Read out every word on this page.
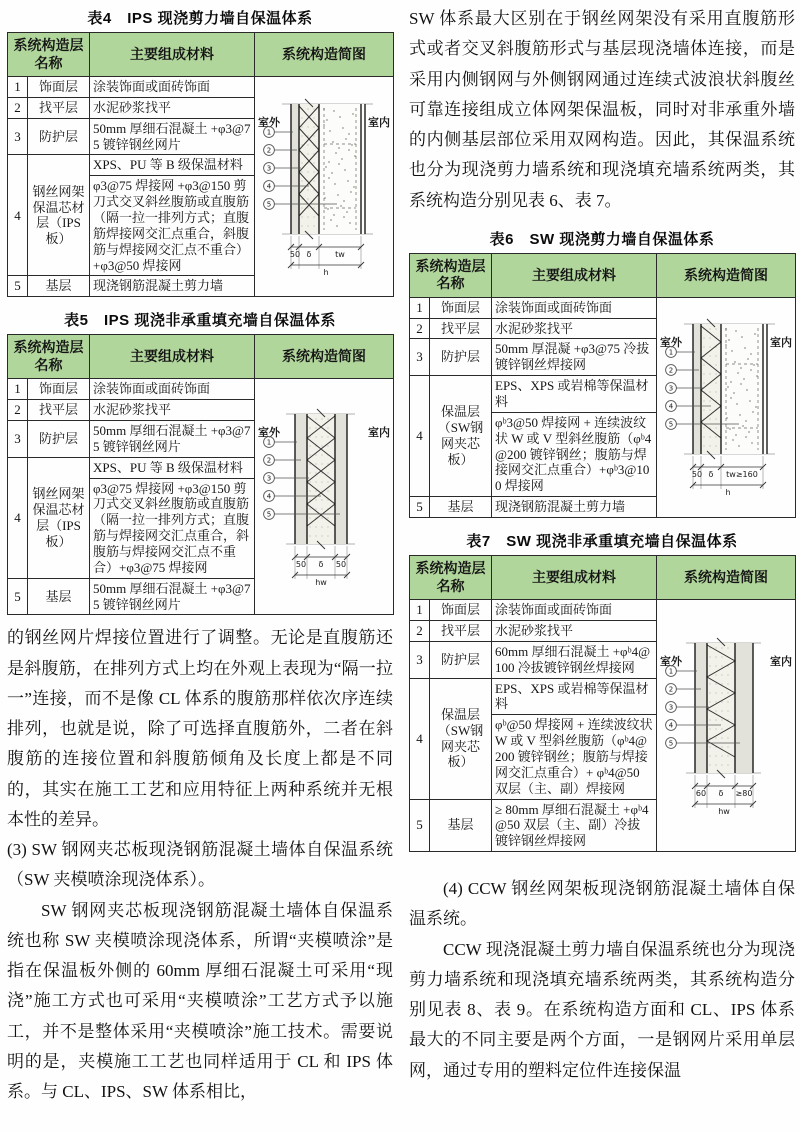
表4　IPS 现浇剪力墙自保温体系
系统构造层名称		主要组成材料	系统构造简图
1	饰面层	涂装饰面或面砖饰面

室外	室内
1
2
3
4
5
50 δ	tw
h

2	找平层	水泥砂浆找平	

3	防护层	50mm 厚细石混凝土 +φ3@75 镀锌钢丝网片	

4	钢丝网架保温芯材层（IPS板）	XPS、PU 等 B 级保温材料
φ3@75 焊接网 +φ3@150 剪刀式交叉斜丝腹筋或直腹筋（隔一拉一排列方式；直腹筋焊接网交汇点重合，斜腹筋与焊接网交汇点不重合）+φ3@50 焊接网	

5	基层	现浇钢筋混凝土剪力墙	
表5　IPS 现浇非承重填充墙自保温体系
系统构造层名称		主要组成材料	系统构造简图
1	饰面层	涂装饰面或面砖饰面

室外	室内
1
2
3
4
5
50 δ 50
hw

2	找平层	水泥砂浆找平	

3	防护层	50mm 厚细石混凝土 +φ3@75 镀锌钢丝网片	

4	钢丝网架保温芯材层（IPS板）	XPS、PU 等 B 级保温材料
φ3@75 焊接网 +φ3@150 剪刀式交叉斜丝腹筋或直腹筋（隔一拉一排列方式；直腹筋与焊接网交汇点重合，斜腹筋与焊接网交汇点不重合）+φ3@75 焊接网	

5	基层	50mm 厚细石混凝土 +φ3@75 镀锌钢丝网片	

的钢丝网片焊接位置进行了调整。无论是直腹筋还是斜腹筋，在排列方式上均在外观上表现为“隔一拉一”连接，而不是像 CL 体系的腹筋那样依次序连续排列，也就是说，除了可选择直腹筋外，二者在斜腹筋的连接位置和斜腹筋倾角及长度上都是不同的，其实在施工工艺和应用特征上两种系统并无根本性的差异。

(3) SW 钢网夹芯板现浇钢筋混凝土墙体自保温系统（SW 夹模喷涂现浇体系）。

SW 钢网夹芯板现浇钢筋混凝土墙体自保温系统也称 SW 夹模喷涂现浇体系，所谓“夹模喷涂”是指在保温板外侧的 60mm 厚细石混凝土可采用“现浇”施工方式也可采用“夹模喷涂”工艺方式予以施工，并不是整体采用“夹模喷涂”施工技术。需要说明的是，夹模施工工艺也同样适用于 CL 和 IPS 体系。与 CL、IPS、SW 体系相比，

SW 体系最大区别在于钢丝网架没有采用直腹筋形式或者交叉斜腹筋形式与基层现浇墙体连接，而是采用内侧钢网与外侧钢网通过连续式波浪状斜腹丝可靠连接组成立体网架保温板，同时对非承重外墙的内侧基层部位采用双网构造。因此，其保温系统也分为现浇剪力墙系统和现浇填充墙系统两类，其系统构造分别见表 6、表 7。

表6　SW 现浇剪力墙自保温体系
系统构造层名称		主要组成材料	系统构造简图
1	饰面层	涂装饰面或面砖饰面

室外	室内
1
2
3
4
5
50 δ tw≥160
h

2	找平层	水泥砂浆找平	

3	防护层	50mm 厚混凝 +φ3@75 冷拔镀锌钢丝焊接网	

4	保温层（SW钢网夹芯板）	EPS、XPS 或岩棉等保温材料
φᵇ3@50 焊接网 + 连续波纹状 W 或 V 型斜丝腹筋（φᵇ4@200 镀锌钢丝；腹筋与焊接网交汇点重合）+φᵇ3@100 焊接网	

5	基层	现浇钢筋混凝土剪力墙	
表7　SW 现浇非承重填充墙自保温体系
系统构造层名称		主要组成材料	系统构造简图
1	饰面层	涂装饰面或面砖饰面

室外	室内
1
2
3
4
5
60 δ ≥80
hw

2	找平层	水泥砂浆找平	

3	防护层	60mm 厚细石混凝土 +φᵇ4@100 冷拔镀锌钢丝焊接网	

4	保温层（SW钢网夹芯板）	EPS、XPS 或岩棉等保温材料
φᵇ@50 焊接网 + 连续波纹状 W 或 V 型斜丝腹筋（φᵇ4@200 镀锌钢丝；腹筋与焊接网交汇点重合）+ φᵇ4@50 双层（主、副）焊接网	

5	基层	≥ 80mm 厚细石混凝土 +φᵇ4@50 双层（主、副）冷拔镀锌钢丝焊接网	

(4) CCW 钢丝网架板现浇钢筋混凝土墙体自保温系统。

CCW 现浇混凝土剪力墙自保温系统也分为现浇剪力墙系统和现浇填充墙系统两类，其系统构造分别见表 8、表 9。在系统构造方面和 CL、IPS 体系最大的不同主要是两个方面，一是钢网片采用单层网，通过专用的塑料定位件连接保温
